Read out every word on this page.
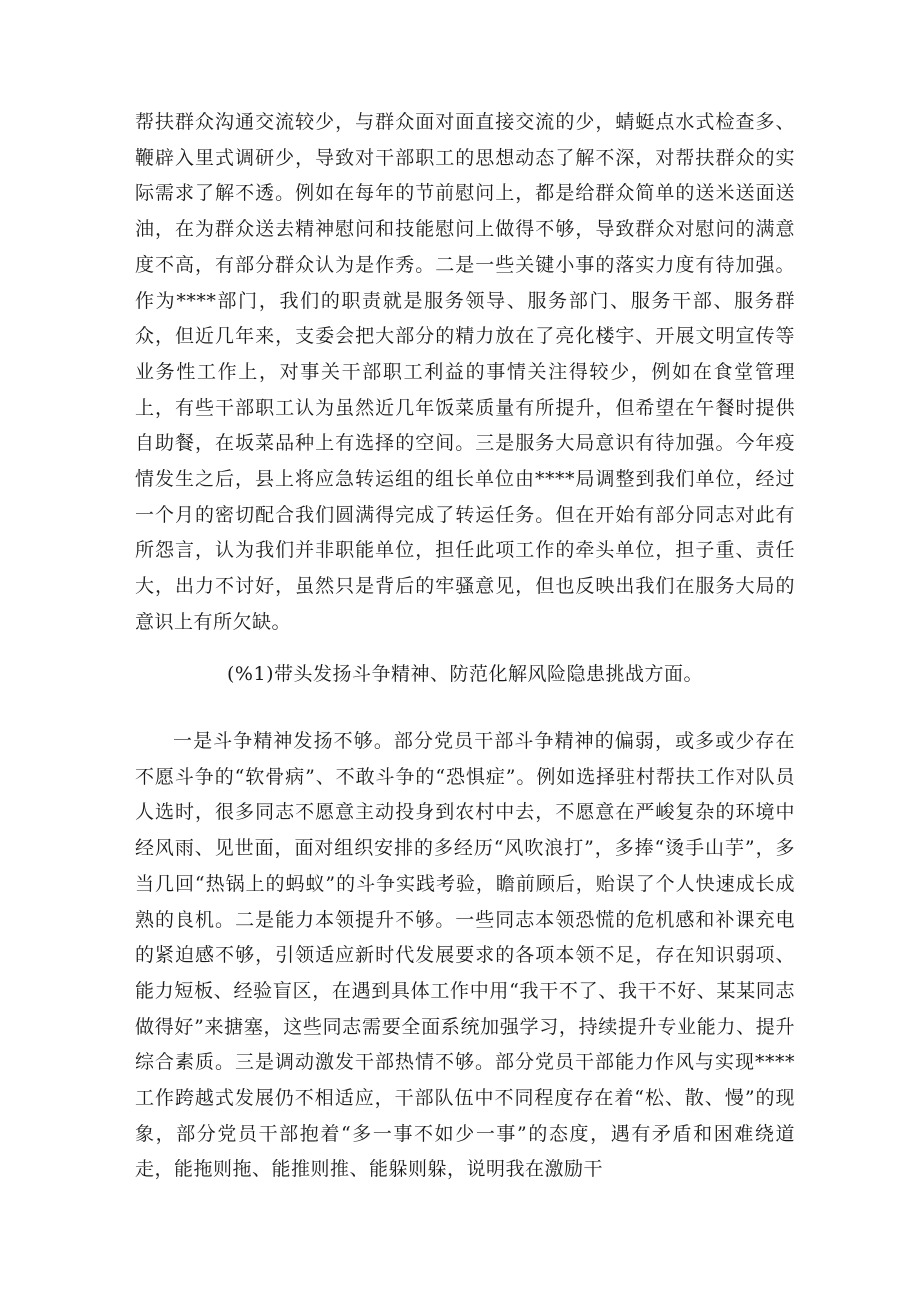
帮扶群众沟通交流较少，与群众面对面直接交流的少，蜻蜓点水式检查多、鞭辟入里式调研少，导致对干部职工的思想动态了解不深，对帮扶群众的实际需求了解不透。例如在每年的节前慰问上，都是给群众简单的送米送面送油，在为群众送去精神慰问和技能慰问上做得不够，导致群众对慰问的满意度不高，有部分群众认为是作秀。二是一些关键小事的落实力度有待加强。作为****部门，我们的职责就是服务领导、服务部门、服务干部、服务群众，但近几年来，支委会把大部分的精力放在了亮化楼宇、开展文明宣传等业务性工作上，对事关干部职工利益的事情关注得较少，例如在食堂管理上，有些干部职工认为虽然近几年饭菜质量有所提升，但希望在午餐时提供自助餐，在坂菜品种上有选择的空间。三是服务大局意识有待加强。今年疫情发生之后，县上将应急转运组的组长单位由****局调整到我们单位，经过一个月的密切配合我们圆满得完成了转运任务。但在开始有部分同志对此有所怨言，认为我们并非职能单位，担任此项工作的牵头单位，担子重、责任大，出力不讨好，虽然只是背后的牢骚意见，但也反映出我们在服务大局的意识上有所欠缺。

(%1)带头发扬斗争精神、防范化解风险隐患挑战方面。

一是斗争精神发扬不够。部分党员干部斗争精神的偏弱，或多或少存在不愿斗争的“软骨病”、不敢斗争的“恐惧症”。例如选择驻村帮扶工作对队员人选时，很多同志不愿意主动投身到农村中去，不愿意在严峻复杂的环境中经风雨、见世面，面对组织安排的多经历“风吹浪打”，多捧“烫手山芋”，多当几回“热锅上的蚂蚁”的斗争实践考验，瞻前顾后，贻误了个人快速成长成熟的良机。二是能力本领提升不够。一些同志本领恐慌的危机感和补课充电的紧迫感不够，引领适应新时代发展要求的各项本领不足，存在知识弱项、能力短板、经验盲区，在遇到具体工作中用“我干不了、我干不好、某某同志做得好”来搪塞，这些同志需要全面系统加强学习，持续提升专业能力、提升综合素质。三是调动激发干部热情不够。部分党员干部能力作风与实现****工作跨越式发展仍不相适应，干部队伍中不同程度存在着“松、散、慢”的现象，部分党员干部抱着“多一事不如少一事”的态度，遇有矛盾和困难绕道走，能拖则拖、能推则推、能躲则躲，说明我在激励干
